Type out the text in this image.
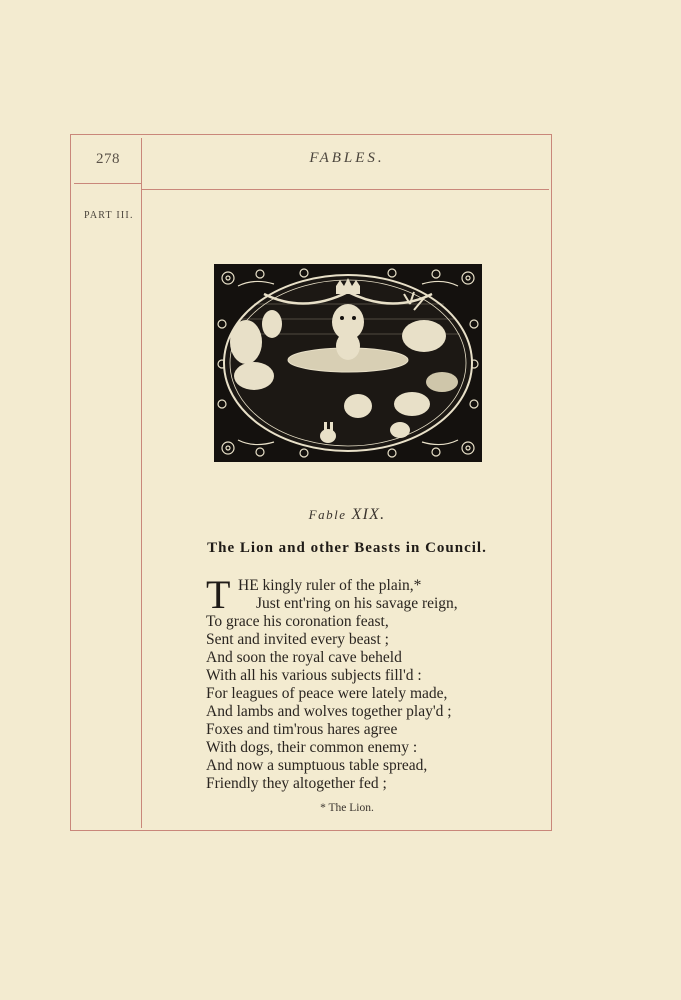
278	FABLES.
PART III.
Fable XIX.
The Lion and other Beasts in Council.
T HE kingly ruler of the plain,*
Just ent'ring on his savage reign,
To grace his coronation feast,
Sent and invited every beast ;
And soon the royal cave beheld
With all his various subjects fill'd :
For leagues of peace were lately made,
And lambs and wolves together play'd ;
Foxes and tim'rous hares agree
With dogs, their common enemy :
And now a sumptuous table spread,
Friendly they altogether fed ;
* The Lion.
